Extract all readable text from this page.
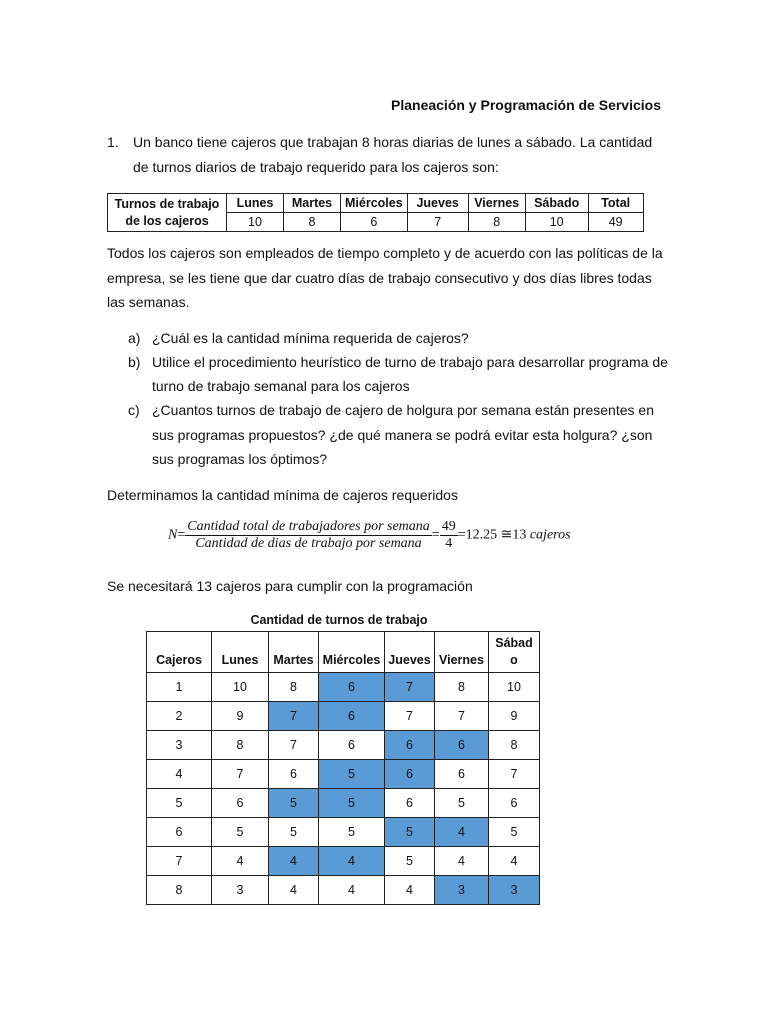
Planeación y Programación de Servicios
1. Un banco tiene cajeros que trabajan 8 horas diarias de lunes a sábado. La cantidad
de turnos diarios de trabajo requerido para los cajeros son:
Turnos de trabajo
de los cajeros	Lunes	Martes	Miércoles	Jueves	Viernes	Sábado	Total
	10	8	6	7	8	10	49
Todos los cajeros son empleados de tiempo completo y de acuerdo con las políticas de la
empresa, se les tiene que dar cuatro días de trabajo consecutivo y dos días libres todas
las semanas.
a) ¿Cuál es la cantidad mínima requerida de cajeros?
b) Utilice el procedimiento heurístico de turno de trabajo para desarrollar programa de
turno de trabajo semanal para los cajeros
c) ¿Cuantos turnos de trabajo de cajero de holgura por semana están presentes en
sus programas propuestos? ¿de qué manera se podrá evitar esta holgura? ¿son
sus programas los óptimos?
Determinamos la cantidad mínima de cajeros requeridos
$N= \frac{\text{Cantidad total de trabajadores por semana}}{\text{Cantidad de dias de trabajo por semana}} = \frac{49}{4} =12.25$ ≅13 cajeros
Se necesitará 13 cajeros para cumplir con la programación
Cantidad de turnos de trabajo
Cajeros	Lunes	Martes	Miércoles	Jueves	Viernes	Sábad
o
1	10	8	6	7	8	10
2	9	7	6	7	7	9
3	8	7	6	6	6	8
4	7	6	5	6	6	7
5	6	5	5	6	5	6
6	5	5	5	5	4	5
7	4	4	4	5	4	4
8	3	4	4	4	3	3
